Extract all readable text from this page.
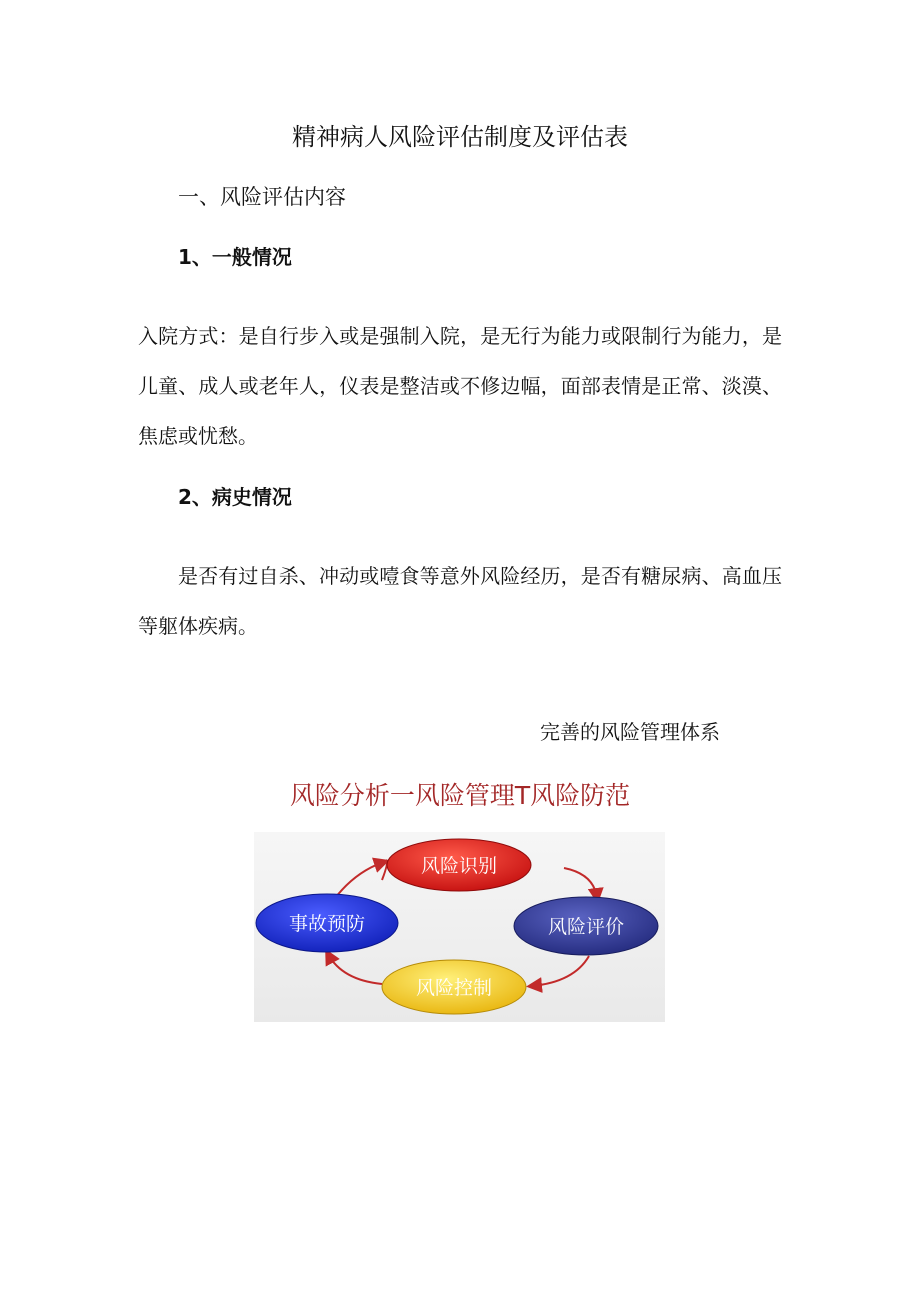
精神病人风险评估制度及评估表
一、风险评估内容
1、一般情况
入院方式：是自行步入或是强制入院，是无行为能力或限制行为能力，是儿童、成人或老年人，仪表是整洁或不修边幅，面部表情是正常、淡漠、焦虑或忧愁。
2、病史情况
是否有过自杀、冲动或噎食等意外风险经历，是否有糖尿病、高血压等躯体疾病。
完善的风险管理体系
风险分析一风险管理T风险防范
风险识别
风险评价
风险控制
事故预防
